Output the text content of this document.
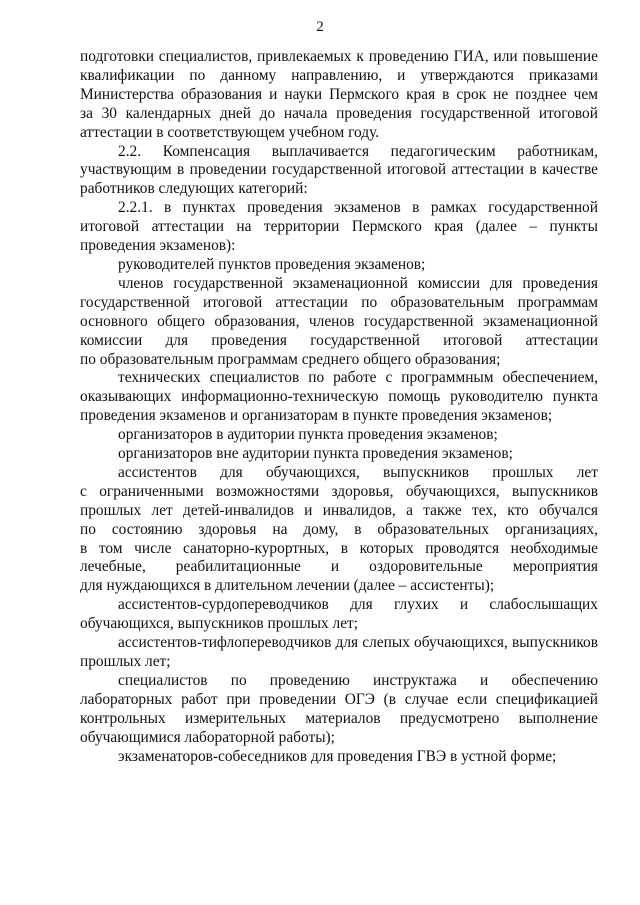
2
подготовки специалистов, привлекаемых к проведению ГИА, или повышение
квалификации по данному направлению, и утверждаются приказами
Министерства образования и науки Пермского края в срок не позднее чем
за 30 календарных дней до начала проведения государственной итоговой
аттестации в соответствующем учебном году.
2.2. Компенсация выплачивается педагогическим работникам,
участвующим в проведении государственной итоговой аттестации в качестве
работников следующих категорий:
2.2.1. в пунктах проведения экзаменов в рамках государственной
итоговой аттестации на территории Пермского края (далее – пункты
проведения экзаменов):
руководителей пунктов проведения экзаменов;
членов государственной экзаменационной комиссии для проведения
государственной итоговой аттестации по образовательным программам
основного общего образования, членов государственной экзаменационной
комиссии для проведения государственной итоговой аттестации
по образовательным программам среднего общего образования;
технических специалистов по работе с программным обеспечением,
оказывающих информационно-техническую помощь руководителю пункта
проведения экзаменов и организаторам в пункте проведения экзаменов;
организаторов в аудитории пункта проведения экзаменов;
организаторов вне аудитории пункта проведения экзаменов;
ассистентов для обучающихся, выпускников прошлых лет
с ограниченными возможностями здоровья, обучающихся, выпускников
прошлых лет детей-инвалидов и инвалидов, а также тех, кто обучался
по состоянию здоровья на дому, в образовательных организациях,
в том числе санаторно-курортных, в которых проводятся необходимые
лечебные, реабилитационные и оздоровительные мероприятия
для нуждающихся в длительном лечении (далее – ассистенты);
ассистентов-сурдопереводчиков для глухих и слабослышащих
обучающихся, выпускников прошлых лет;
ассистентов-тифлопереводчиков для слепых обучающихся, выпускников
прошлых лет;
специалистов по проведению инструктажа и обеспечению
лабораторных работ при проведении ОГЭ (в случае если спецификацией
контрольных измерительных материалов предусмотрено выполнение
обучающимися лабораторной работы);
экзаменаторов-собеседников для проведения ГВЭ в устной форме;
